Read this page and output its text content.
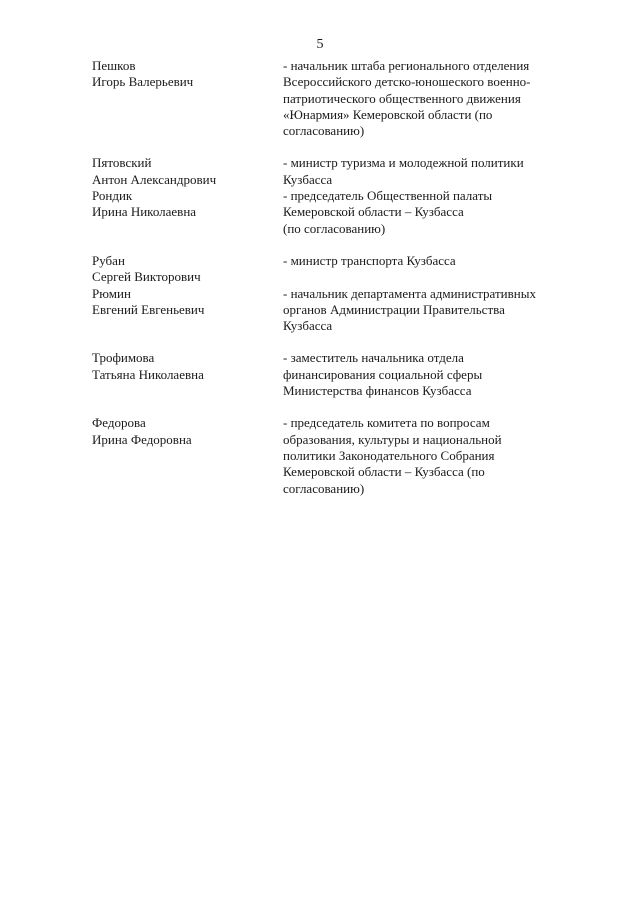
5
Пешков
Игорь Валерьевич
- начальник штаба регионального отделения
Всероссийского детско-юношеского военно-
патриотического общественного движения
«Юнармия» Кемеровской области (по
согласованию)
Пятовский
Антон Александрович
- министр туризма и молодежной политики
Кузбасса
Рондик
Ирина Николаевна
- председатель Общественной палаты
Кемеровской области – Кузбасса
(по согласованию)
Рубан
Сергей Викторович
- министр транспорта Кузбасса
Рюмин
Евгений Евгеньевич
- начальник департамента административных
органов Администрации Правительства
Кузбасса
Трофимова
Татьяна Николаевна
- заместитель начальника отдела
финансирования социальной сферы
Министерства финансов Кузбасса
Федорова
Ирина Федоровна
- председатель комитета по вопросам
образования, культуры и национальной
политики Законодательного Собрания
Кемеровской области – Кузбасса (по
согласованию)
